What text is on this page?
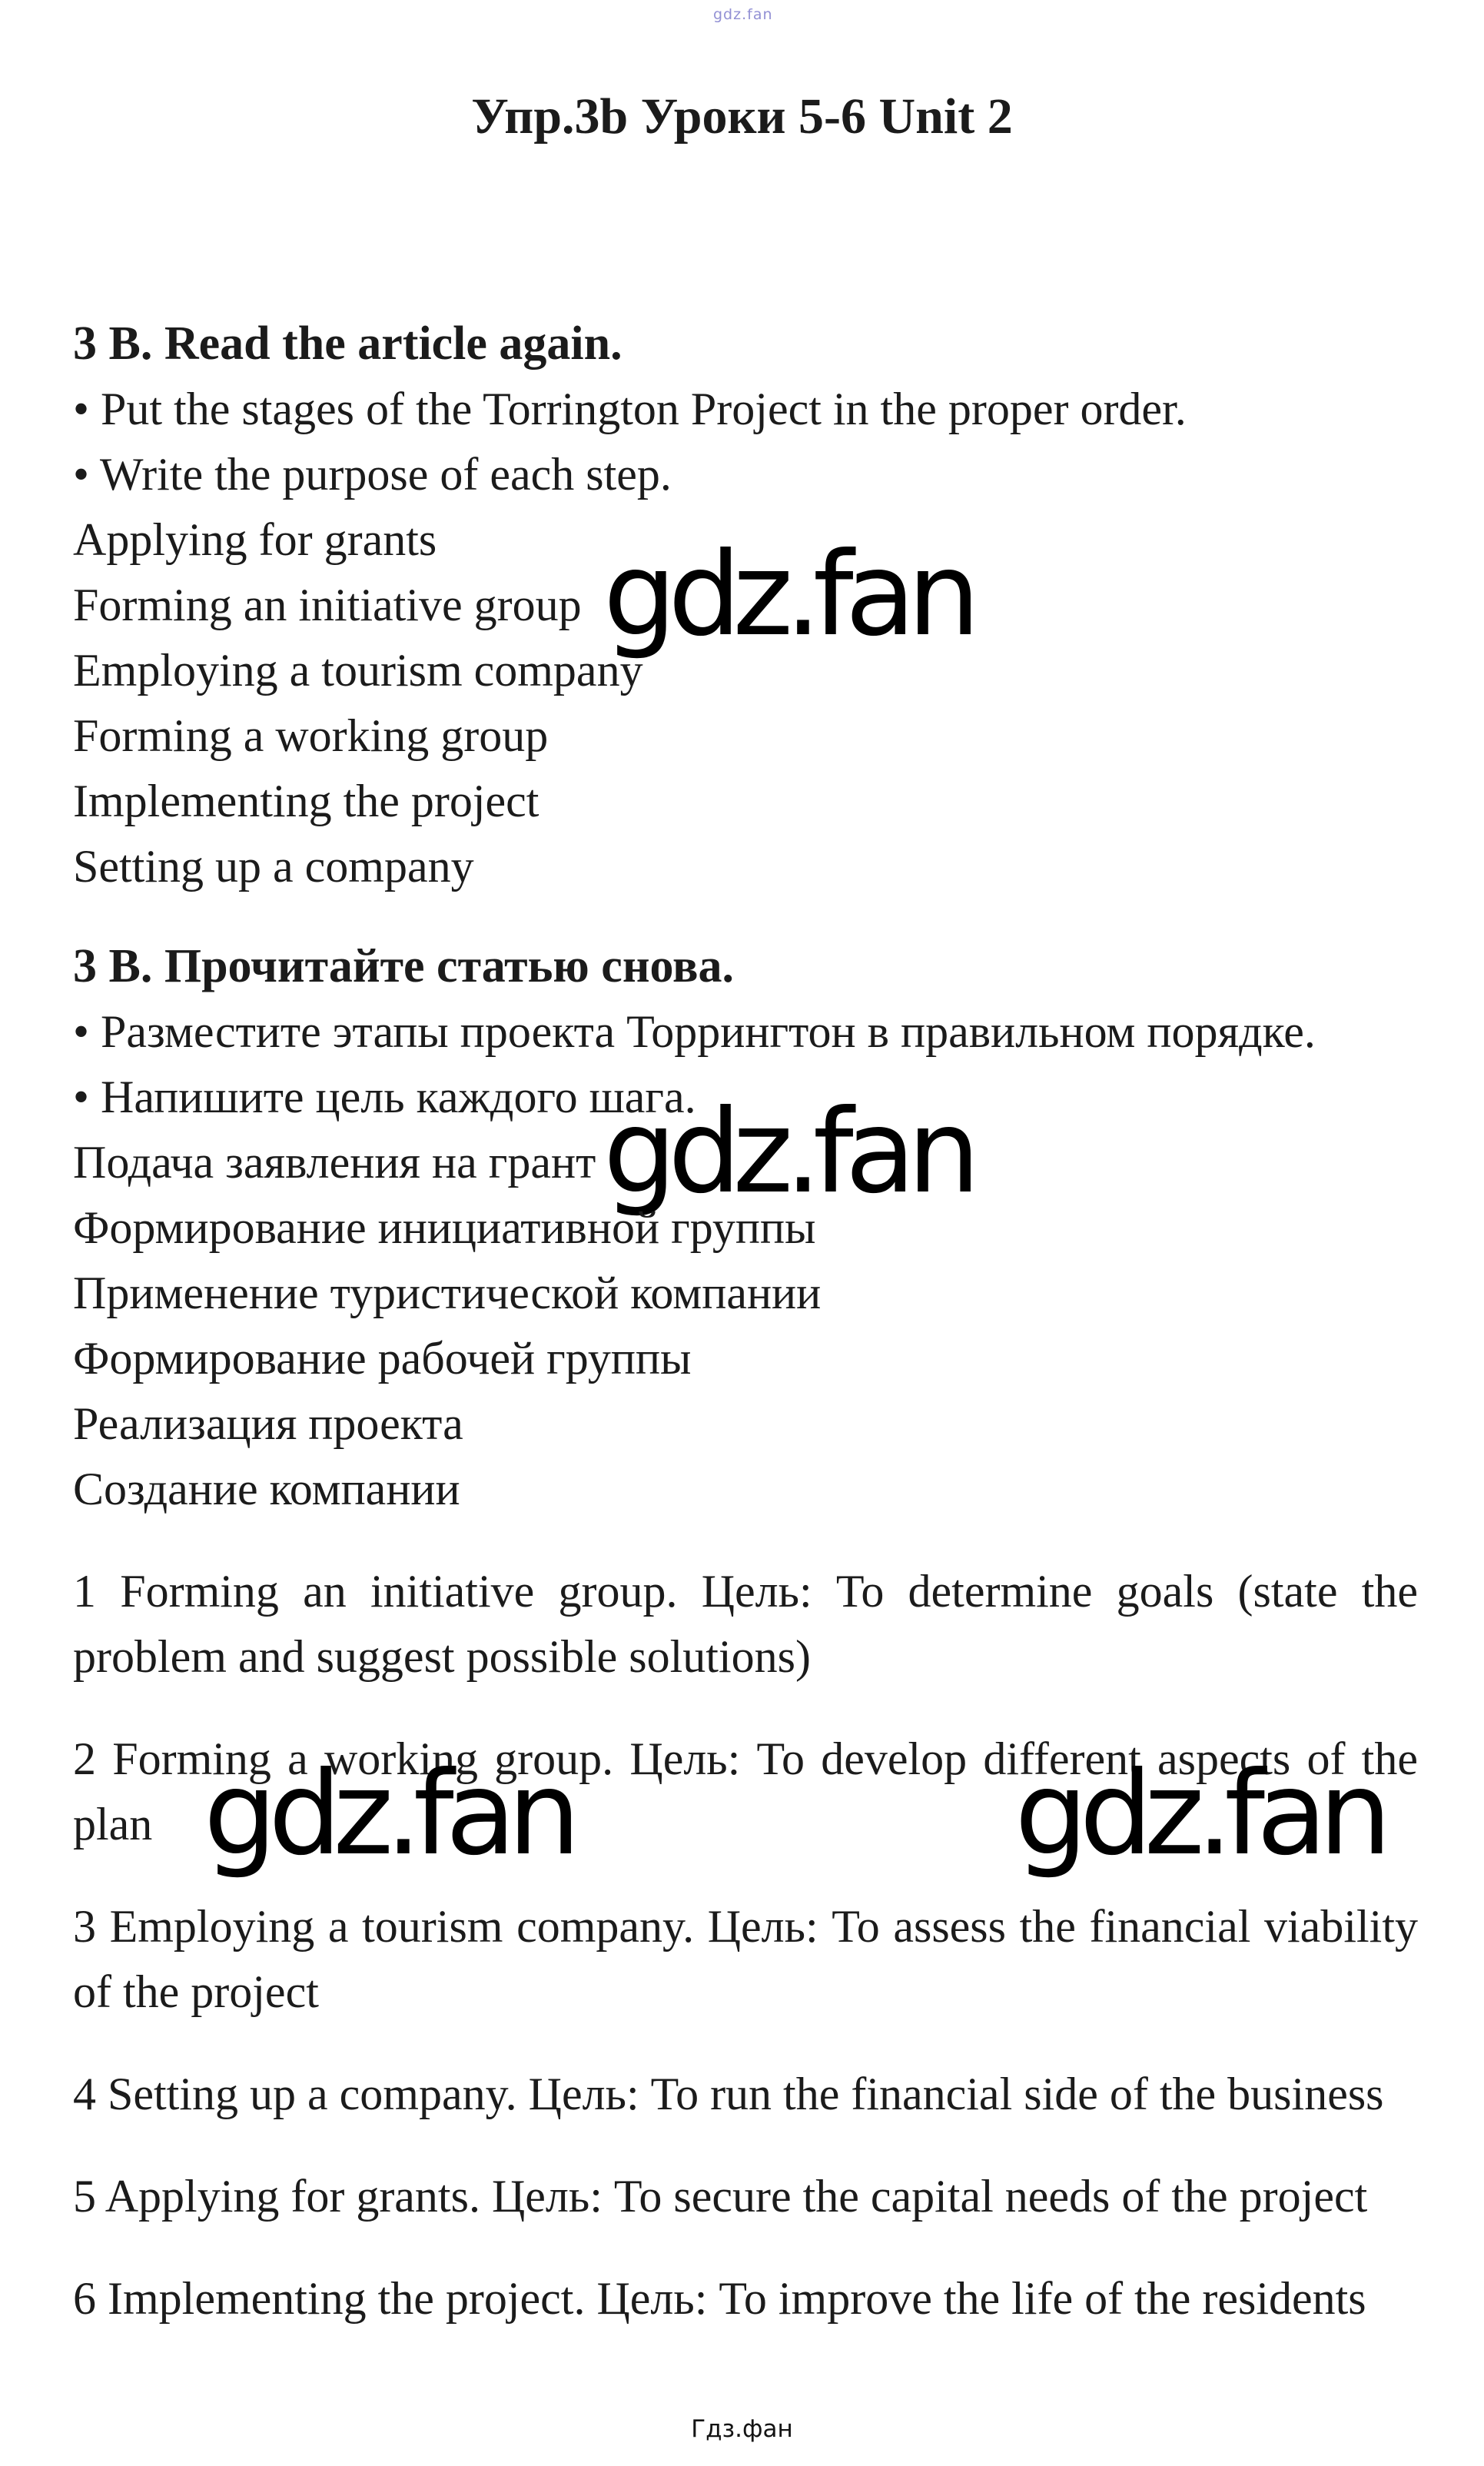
gdz.fan
Упр.3b Уроки 5-6 Unit 2
3 B. Read the article again.
• Put the stages of the Torrington Project in the proper order.
• Write the purpose of each step.
Applying for grants
Forming an initiative group gdz.fan
Employing a tourism company
Forming a working group
Implementing the project
Setting up a company
3 В. Прочитайте статью снова.
• Разместите этапы проекта Торрингтон в правильном порядке.
• Напишите цель каждого шага.
Подача заявления на грант gdz.fan
Формирование инициативной группы
Применение туристической компании
Формирование рабочей группы
Реализация проекта
Создание компании
1 Forming an initiative group. Цель: To determine goals (state the
problem and suggest possible solutions)
2 Forming a working group. Цель: To develop different aspects of the
plan gdz.fan	gdz.fan
3 Employing a tourism company. Цель: To assess the financial viability
of the project
4 Setting up a company. Цель: To run the financial side of the business
5 Applying for grants. Цель: To secure the capital needs of the project
6 Implementing the project. Цель: To improve the life of the residents
Гдз.фан
